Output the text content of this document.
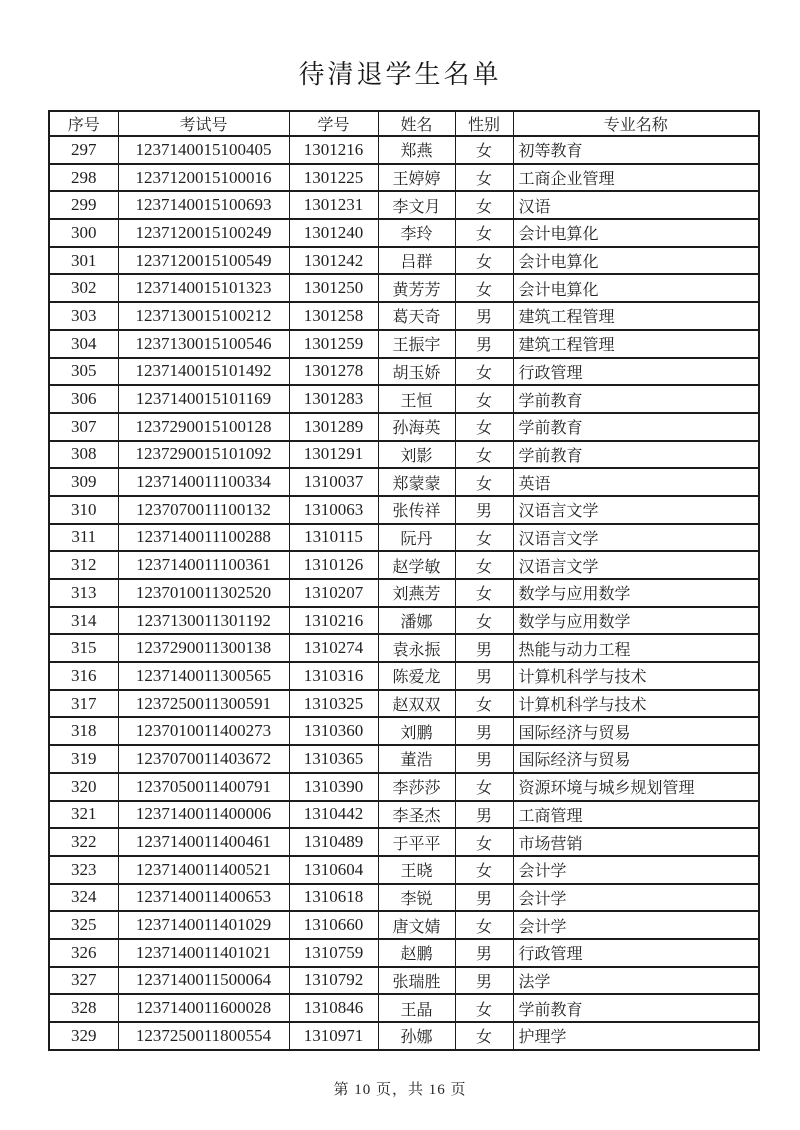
待清退学生名单
序号	考试号	学号	姓名	性别	专业名称
297	1237140015100405	1301216	郑燕	女	初等教育
298	1237120015100016	1301225	王婷婷	女	工商企业管理
299	1237140015100693	1301231	李文月	女	汉语
300	1237120015100249	1301240	李玲	女	会计电算化
301	1237120015100549	1301242	吕群	女	会计电算化
302	1237140015101323	1301250	黄芳芳	女	会计电算化
303	1237130015100212	1301258	葛天奇	男	建筑工程管理
304	1237130015100546	1301259	王振宇	男	建筑工程管理
305	1237140015101492	1301278	胡玉娇	女	行政管理
306	1237140015101169	1301283	王恒	女	学前教育
307	1237290015100128	1301289	孙海英	女	学前教育
308	1237290015101092	1301291	刘影	女	学前教育
309	1237140011100334	1310037	郑蒙蒙	女	英语
310	1237070011100132	1310063	张传祥	男	汉语言文学
311	1237140011100288	1310115	阮丹	女	汉语言文学
312	1237140011100361	1310126	赵学敏	女	汉语言文学
313	1237010011302520	1310207	刘燕芳	女	数学与应用数学
314	1237130011301192	1310216	潘娜	女	数学与应用数学
315	1237290011300138	1310274	袁永振	男	热能与动力工程
316	1237140011300565	1310316	陈爱龙	男	计算机科学与技术
317	1237250011300591	1310325	赵双双	女	计算机科学与技术
318	1237010011400273	1310360	刘鹏	男	国际经济与贸易
319	1237070011403672	1310365	董浩	男	国际经济与贸易
320	1237050011400791	1310390	李莎莎	女	资源环境与城乡规划管理
321	1237140011400006	1310442	李圣杰	男	工商管理
322	1237140011400461	1310489	于平平	女	市场营销
323	1237140011400521	1310604	王晓	女	会计学
324	1237140011400653	1310618	李锐	男	会计学
325	1237140011401029	1310660	唐文婧	女	会计学
326	1237140011401021	1310759	赵鹏	男	行政管理
327	1237140011500064	1310792	张瑞胜	男	法学
328	1237140011600028	1310846	王晶	女	学前教育
329	1237250011800554	1310971	孙娜	女	护理学
第 10 页，共 16 页
